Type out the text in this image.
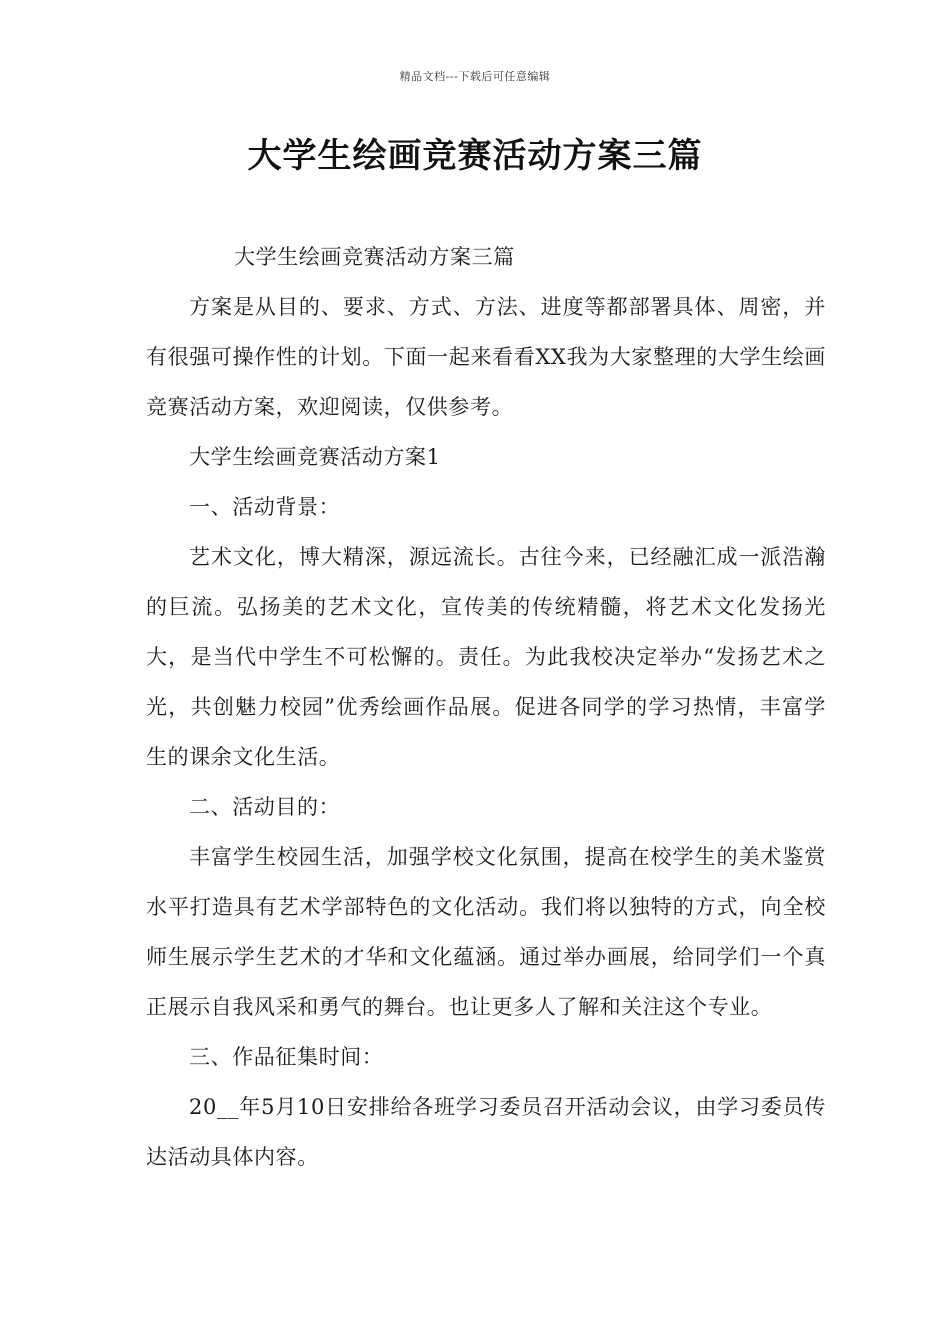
精品文档---下载后可任意编辑
大学生绘画竞赛活动方案三篇

大学生绘画竞赛活动方案三篇

方案是从目的、要求、方式、方法、进度等都部署具体、周密，并有很强可操作性的计划。下面一起来看看XX我为大家整理的大学生绘画竞赛活动方案，欢迎阅读，仅供参考。

大学生绘画竞赛活动方案1

一、活动背景：

艺术文化，博大精深，源远流长。古往今来，已经融汇成一派浩瀚的巨流。弘扬美的艺术文化，宣传美的传统精髓，将艺术文化发扬光大，是当代中学生不可松懈的。责任。为此我校决定举办“发扬艺术之光，共创魅力校园”优秀绘画作品展。促进各同学的学习热情，丰富学生的课余文化生活。

二、活动目的：

丰富学生校园生活，加强学校文化氛围，提高在校学生的美术鉴赏水平打造具有艺术学部特色的文化活动。我们将以独特的方式，向全校师生展示学生艺术的才华和文化蕴涵。通过举办画展，给同学们一个真正展示自我风采和勇气的舞台。也让更多人了解和关注这个专业。

三、作品征集时间：

20__年5月10日安排给各班学习委员召开活动会议，由学习委员传达活动具体内容。
